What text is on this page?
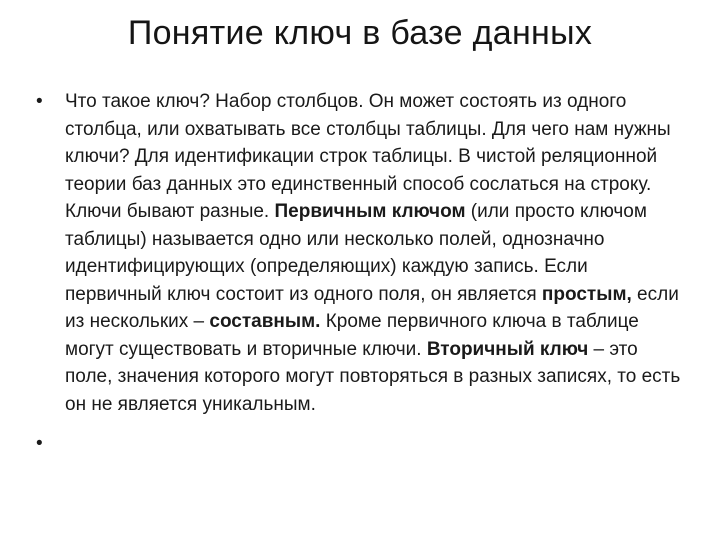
Понятие ключ в базе данных
• Что такое ключ? Набор столбцов. Он может состоять из одного столбца, или охватывать все столбцы таблицы. Для чего нам нужны ключи? Для идентификации строк таблицы. В чистой реляционной теории баз данных это единственный способ сослаться на строку. Ключи бывают разные. Первичным ключом (или просто ключом таблицы) называется одно или несколько полей, однозначно идентифицирующих (определяющих) каждую запись. Если первичный ключ состоит из одного поля, он является простым, если из нескольких – составным. Кроме первичного ключа в таблице могут существовать и вторичные ключи. Вторичный ключ – это поле, значения которого могут повторяться в разных записях, то есть он не является уникальным.
•
